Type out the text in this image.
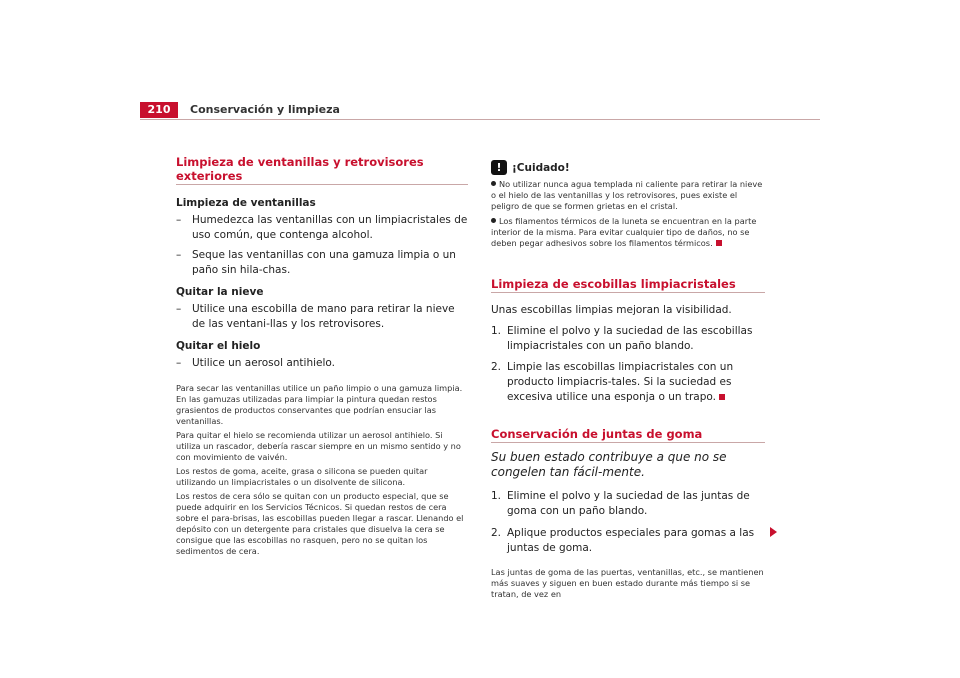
210	Conservación y limpieza
Limpieza de ventanillas y retrovisores exteriores

Limpieza de ventanillas

– Humedezca las ventanillas con un limpiacristales de uso común, que contenga alcohol.

– Seque las ventanillas con una gamuza limpia o un paño sin hila-chas.

Quitar la nieve

– Utilice una escobilla de mano para retirar la nieve de las ventani-llas y los retrovisores.

Quitar el hielo

– Utilice un aerosol antihielo.

Para secar las ventanillas utilice un paño limpio o una gamuza limpia. En las gamuzas utilizadas para limpiar la pintura quedan restos grasientos de productos conservantes que podrían ensuciar las ventanillas.

Para quitar el hielo se recomienda utilizar un aerosol antihielo. Si utiliza un rascador, debería rascar siempre en un mismo sentido y no con movimiento de vaivén.

Los restos de goma, aceite, grasa o silicona se pueden quitar utilizando un limpiacristales o un disolvente de silicona.

Los restos de cera sólo se quitan con un producto especial, que se puede adquirir en los Servicios Técnicos. Si quedan restos de cera sobre el para-brisas, las escobillas pueden llegar a rascar. Llenando el depósito con un detergente para cristales que disuelva la cera se consigue que las escobillas no rasquen, pero no se quitan los sedimentos de cera.

! ¡Cuidado!

No utilizar nunca agua templada ni caliente para retirar la nieve o el hielo de las ventanillas y los retrovisores, pues existe el peligro de que se formen grietas en el cristal.

Los filamentos térmicos de la luneta se encuentran en la parte interior de la misma. Para evitar cualquier tipo de daños, no se deben pegar adhesivos sobre los filamentos térmicos.

Limpieza de escobillas limpiacristales

Unas escobillas limpias mejoran la visibilidad.

1. Elimine el polvo y la suciedad de las escobillas limpiacristales con un paño blando.

2. Limpie las escobillas limpiacristales con un producto limpiacris-tales. Si la suciedad es excesiva utilice una esponja o un trapo.

Conservación de juntas de goma

Su buen estado contribuye a que no se congelen tan fácil-mente.

1. Elimine el polvo y la suciedad de las juntas de goma con un paño blando.

2. Aplique productos especiales para gomas a las juntas de goma.

Las juntas de goma de las puertas, ventanillas, etc., se mantienen más suaves y siguen en buen estado durante más tiempo si se tratan, de vez en
